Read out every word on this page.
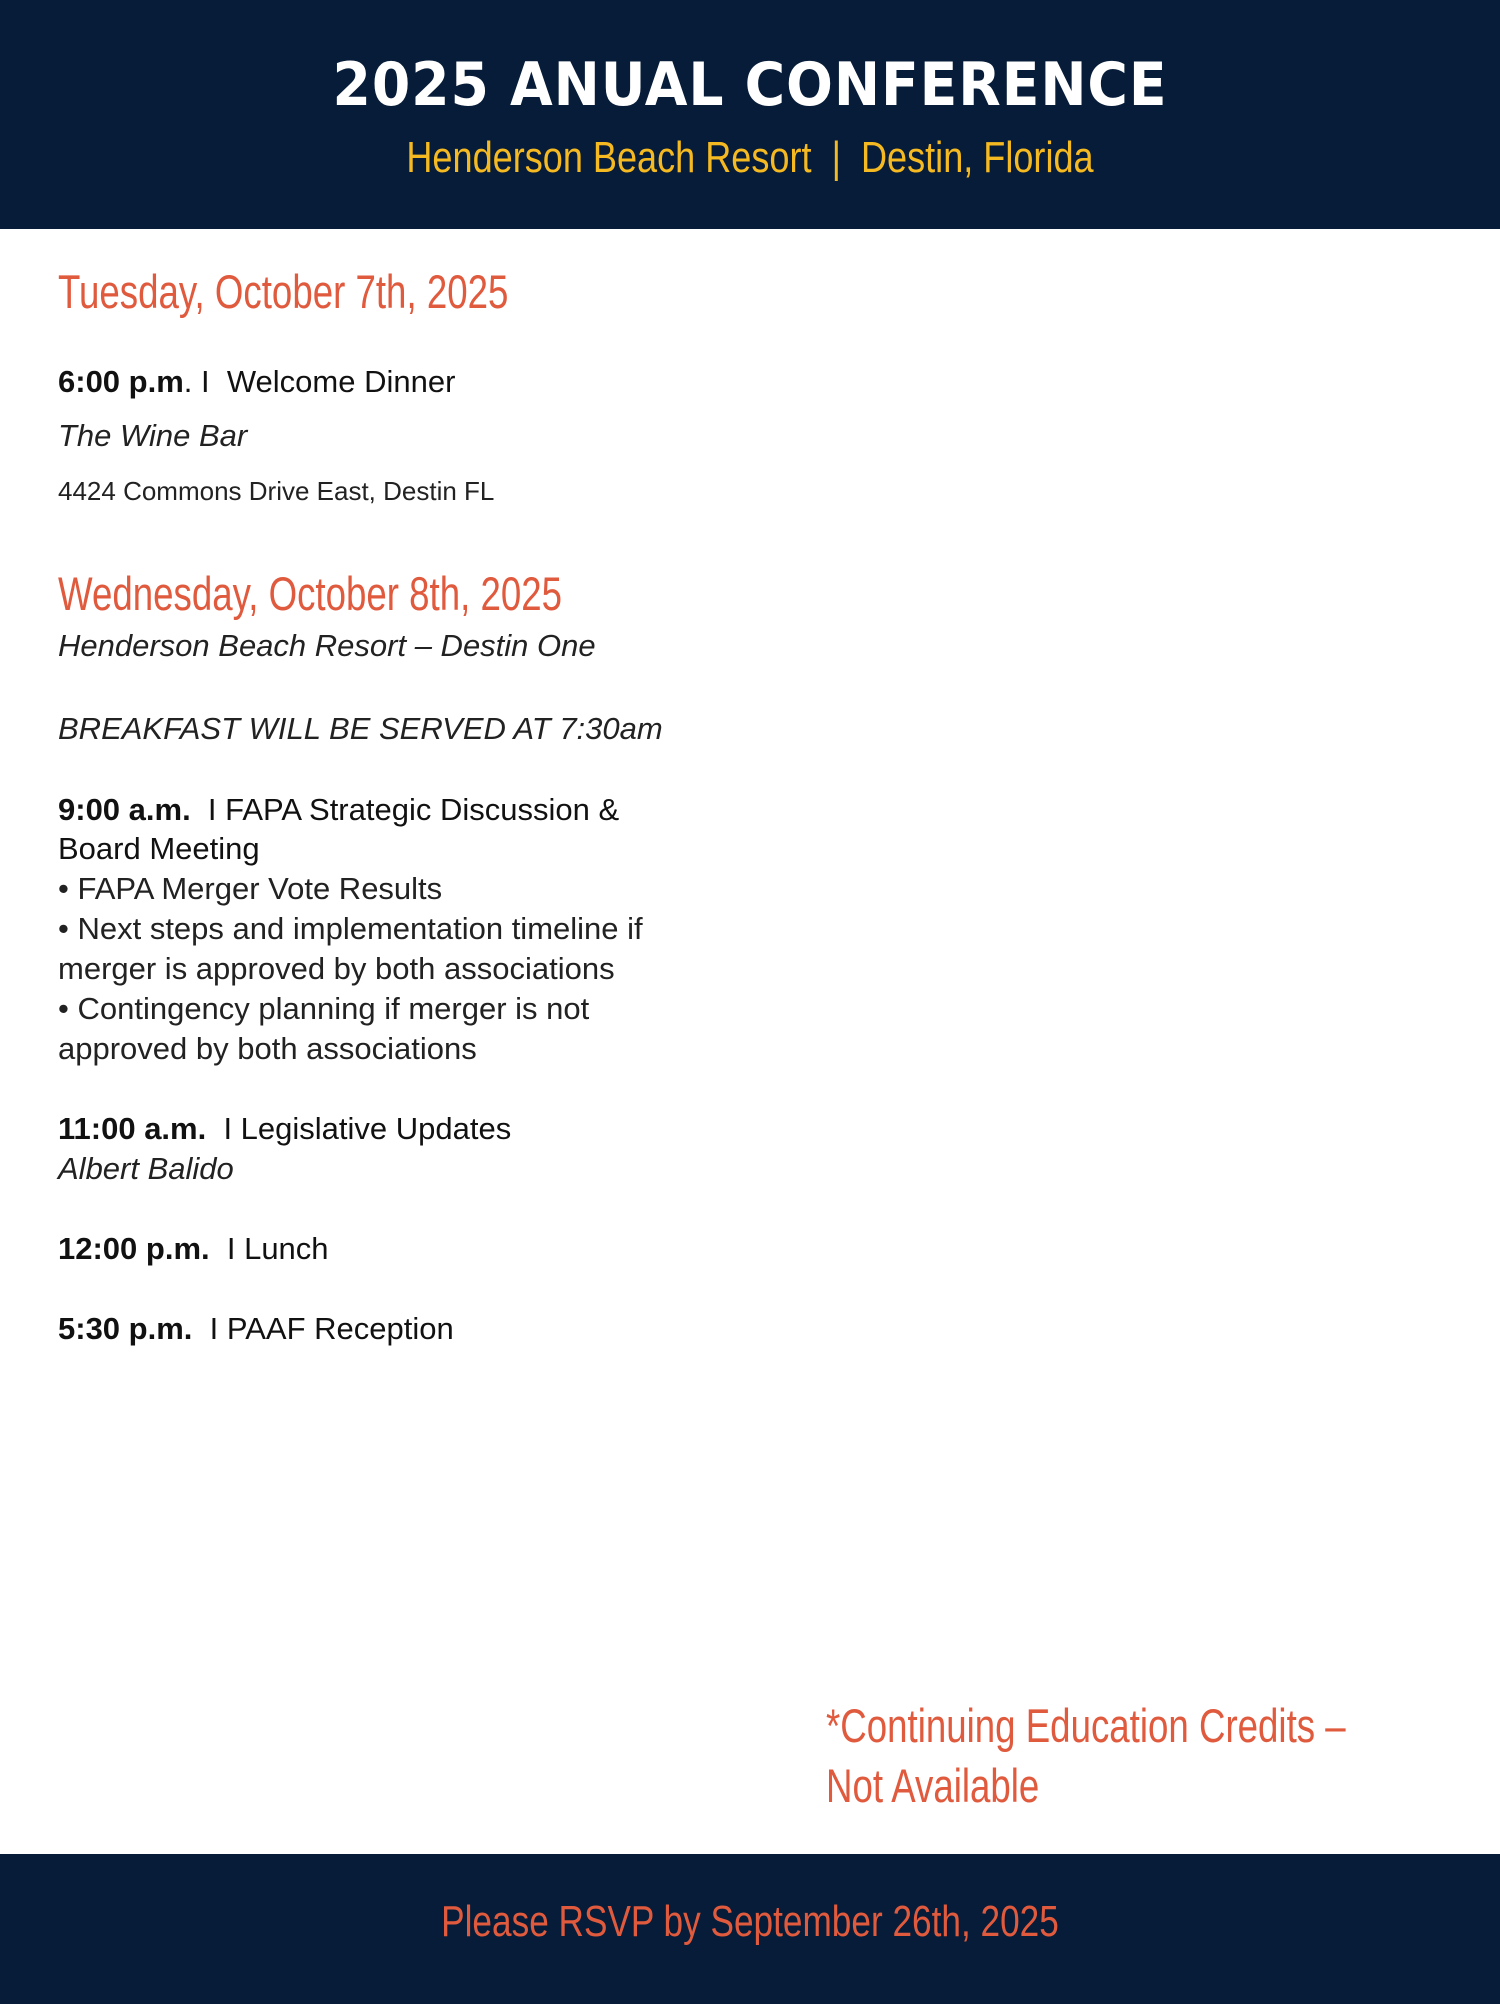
2025 ANUAL CONFERENCE
Henderson Beach Resort | Destin, Florida
Tuesday, October 7th, 2025
6:00 p.m. I  Welcome Dinner
The Wine Bar
4424 Commons Drive East, Destin FL
Wednesday, October 8th, 2025
Henderson Beach Resort – Destin One
BREAKFAST WILL BE SERVED AT 7:30am
9:00 a.m.  I FAPA Strategic Discussion &
Board Meeting
• FAPA Merger Vote Results
• Next steps and implementation timeline if merger is approved by both associations
• Contingency planning if merger is not approved by both associations
11:00 a.m.  I Legislative Updates
Albert Balido
12:00 p.m.  I Lunch
5:30 p.m.  I PAAF Reception
*Continuing Education Credits – Not Available
Please RSVP by September 26th, 2025
